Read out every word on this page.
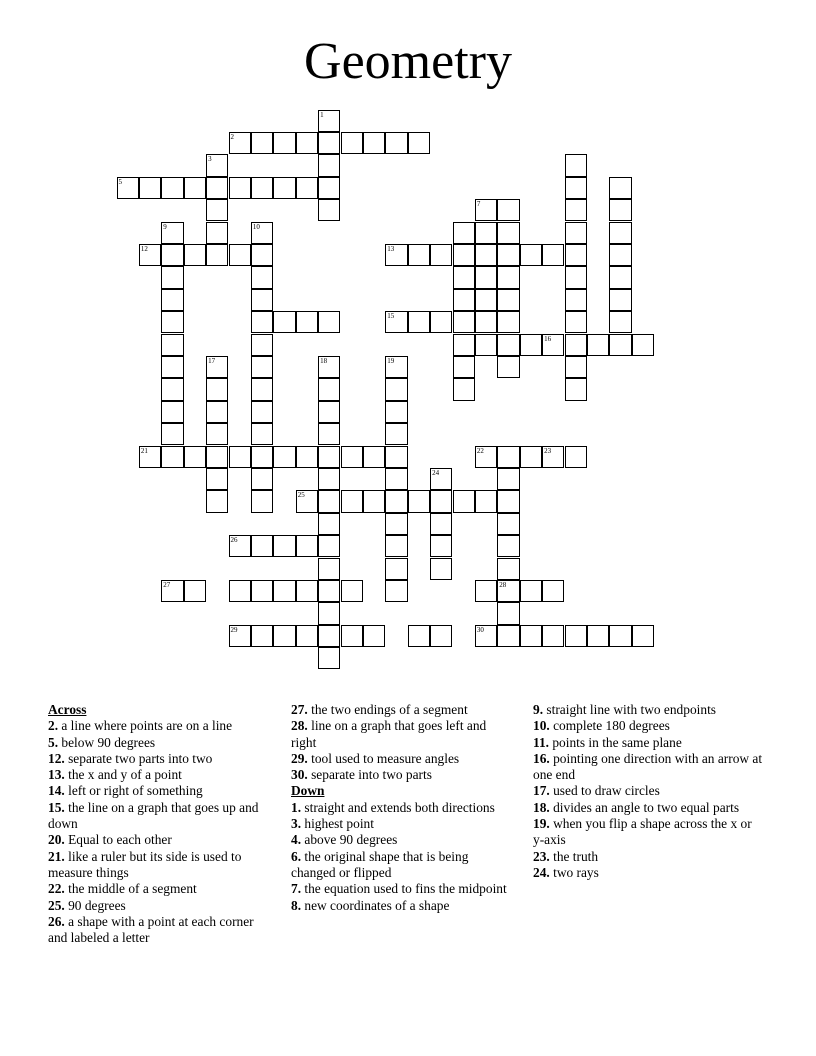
Geometry
1
2
3
5
7
9	10
12	13
15
16
17	18	19
21	22	23
28
24
25
26
27
29	30
Across
2. a line where points are on a line
5. below 90 degrees
12. separate two parts into two
13. the x and y of a point
14. left or right of something
15. the line on a graph that goes up and down
20. Equal to each other
21. like a ruler but its side is used to measure things
22. the middle of a segment
25. 90 degrees
26. a shape with a point at each corner and labeled a letter
27. the two endings of a segment
28. line on a graph that goes left and right
29. tool used to measure angles
30. separate into two parts
Down
1. straight and extends both directions
3. highest point
4. above 90 degrees
6. the original shape that is being changed or flipped
7. the equation used to fins the midpoint
8. new coordinates of a shape
9. straight line with two endpoints
10. complete 180 degrees
11. points in the same plane
16. pointing one direction with an arrow at one end
17. used to draw circles
18. divides an angle to two equal parts
19. when you flip a shape across the x or y-axis
23. the truth
24. two rays
